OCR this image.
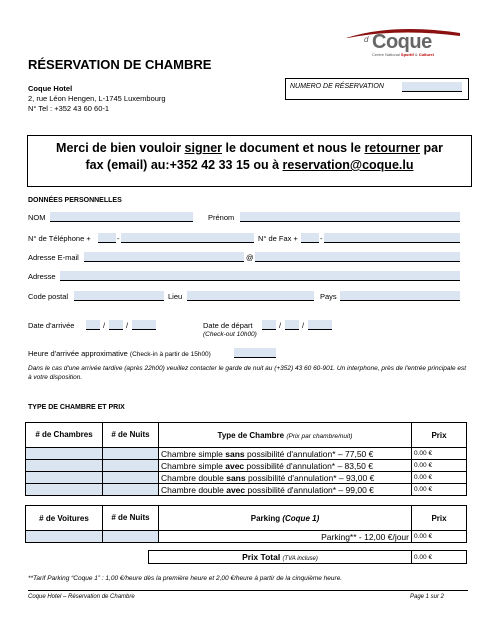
d Coque
Centre National Sportif & Culturel
RÉSERVATION DE CHAMBRE
Coque Hotel
2, rue Léon Hengen, L-1745 Luxembourg
N° Tel : +352 43 60 60-1
NUMERO DE RÉSERVATION
Merci de bien vouloir signer le document et nous le retourner par
fax (email) au:+352 42 33 15 ou à reservation@coque.lu
DONNÉES PERSONNELLES
NOM	Prénom
N° de Téléphone +	-	N° de Fax +	-
Adresse E-mail	@
Adresse
Code postal	Lieu	Pays
Date d'arrivée	/	/	Date de départ	/	/
(Check-out 10h00)
Heure d'arrivée approximative (Check-in à partir de 15h00)
Dans le cas d'une arrivée tardive (après 22h00) veuillez contacter le garde de nuit au (+352) 43 60 60-901. Un interphone, près de l'entrée principale est à votre disposition.
TYPE DE CHAMBRE ET PRIX
# de Chambres	# de Nuits	Type de Chambre (Prix par chambre/nuit)	Prix
		Chambre simple sans possibilité d'annulation* – 77,50 €	0.00 €
		Chambre simple avec possibilité d'annulation* – 83,50 €	0.00 €
		Chambre double sans possibilité d'annulation* – 93,00 €	0.00 €
		Chambre double avec possibilité d'annulation* – 99,00 €	0.00 €
# de Voitures	# de Nuits	Parking (Coque 1)	Prix
		Parking** - 12,00 €/jour	0.00 €
Prix Total (TVA incluse)	0.00 €
**Tarif Parking “Coque 1” : 1,00 €/heure dès la première heure et 2,00 €/heure à partir de la cinquième heure.
Coque Hotel – Réservation de Chambre	Page 1 sur 2
